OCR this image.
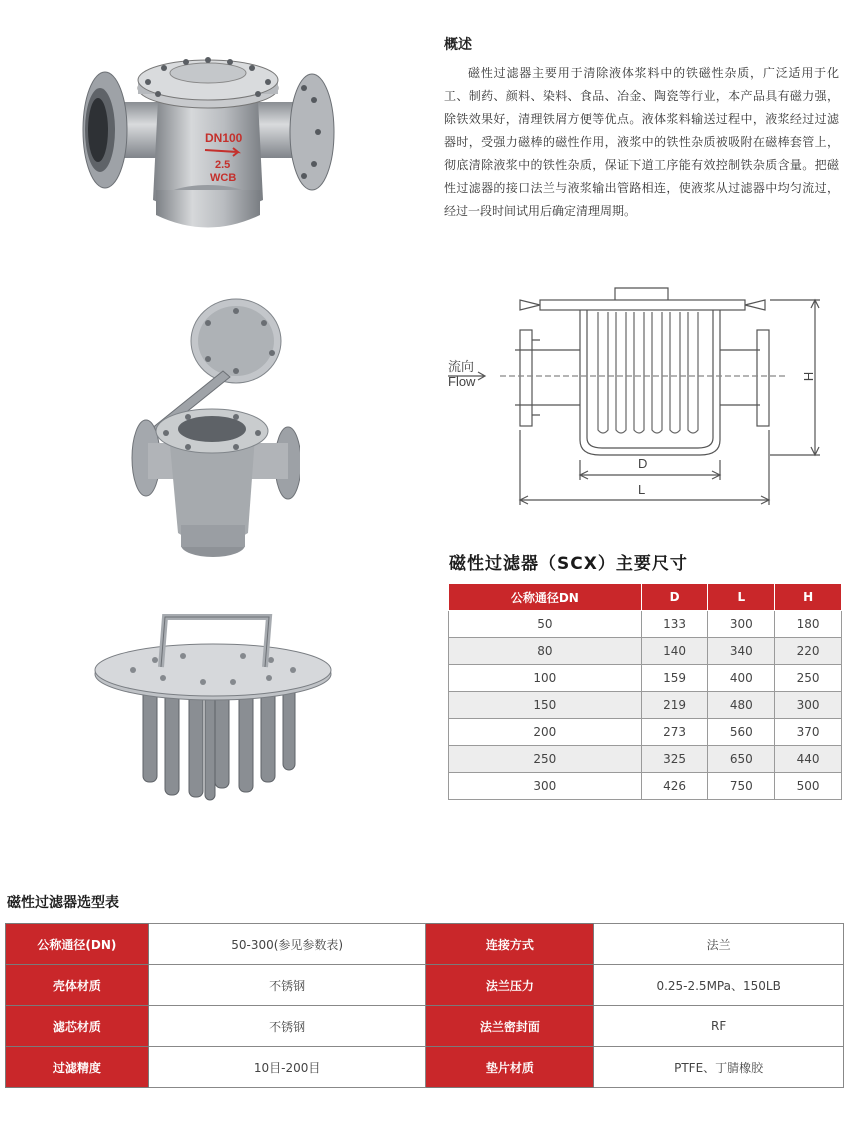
DN100
2.5
WCB
概述
磁性过滤器主要用于清除液体浆料中的铁磁性杂质，广泛适用于化工、制药、颜料、染料、食品、冶金、陶瓷等行业，本产品具有磁力强，除铁效果好，清理铁屑方便等优点。液体浆料输送过程中，液浆经过过滤器时，受强力磁棒的磁性作用，液浆中的铁性杂质被吸附在磁棒套管上，彻底清除液浆中的铁性杂质，保证下道工序能有效控制铁杂质含量。把磁性过滤器的接口法兰与液浆输出管路相连，使液浆从过滤器中均匀流过，经过一段时间试用后确定清理周期。
流向
Flow
D
L
H
磁性过滤器（SCX）主要尺寸
公称通径DN	D	L	H
50	133	300	180
80	140	340	220
100	159	400	250
150	219	480	300
200	273	560	370
250	325	650	440
300	426	750	500
磁性过滤器选型表
公称通径(DN)	50-300(参见参数表)	连接方式	法兰
壳体材质	不锈钢	法兰压力	0.25-2.5MPa、150LB
滤芯材质	不锈钢	法兰密封面	RF
过滤精度	10目-200目	垫片材质	PTFE、丁腈橡胶
